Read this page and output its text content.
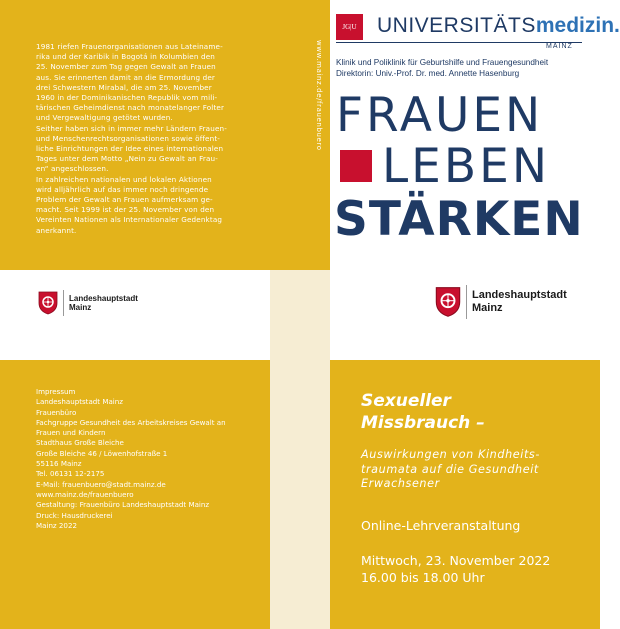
1981 riefen Frauenorganisationen aus Lateiname-

rika und der Karibik in Bogotá in Kolumbien den

25. November zum Tag gegen Gewalt an Frauen

aus. Sie erinnerten damit an die Ermordung der

drei Schwestern Mirabal, die am 25. November

1960 in der Dominikanischen Republik vom mili-

tärischen Geheimdienst nach monatelanger Folter

und Vergewaltigung getötet wurden.

Seither haben sich in immer mehr Ländern Frauen-

und Menschenrechtsorganisationen sowie öffent-

liche Einrichtungen der Idee eines internationalen

Tages unter dem Motto „Nein zu Gewalt an Frau-

en“ angeschlossen.

In zahlreichen nationalen und lokalen Aktionen

wird alljährlich auf das immer noch dringende

Problem der Gewalt an Frauen aufmerksam ge-

macht. Seit 1999 ist der 25. November von den

Vereinten Nationen als Internationaler Gedenktag

anerkannt.

www.mainz.de/frauenbuero
Landeshauptstadt
Mainz
Impressum
Landeshauptstadt Mainz
Frauenbüro
Fachgruppe Gesundheit des Arbeitskreises Gewalt an
Frauen und Kindern
Stadthaus Große Bleiche
Große Bleiche 46 / Löwenhofstraße 1
55116 Mainz
Tel. 06131 12-2175
E-Mail: frauenbuero@stadt.mainz.de
www.mainz.de/frauenbuero
Gestaltung: Frauenbüro Landeshauptstadt Mainz
Druck: Hausdruckerei
Mainz 2022
JG|U UNIVERSITÄTSmedizin.
MAINZ
Klinik und Poliklinik für Geburtshilfe und Frauengesundheit
Direktorin: Univ.-Prof. Dr. med. Annette Hasenburg
FRAUEN
LEBEN
STÄRKEN
Landeshauptstadt
Mainz
Sexueller
Missbrauch –
Auswirkungen von Kindheits-
traumata auf die Gesundheit
Erwachsener
Online-Lehrveranstaltung
Mittwoch, 23. November 2022
16.00 bis 18.00 Uhr
